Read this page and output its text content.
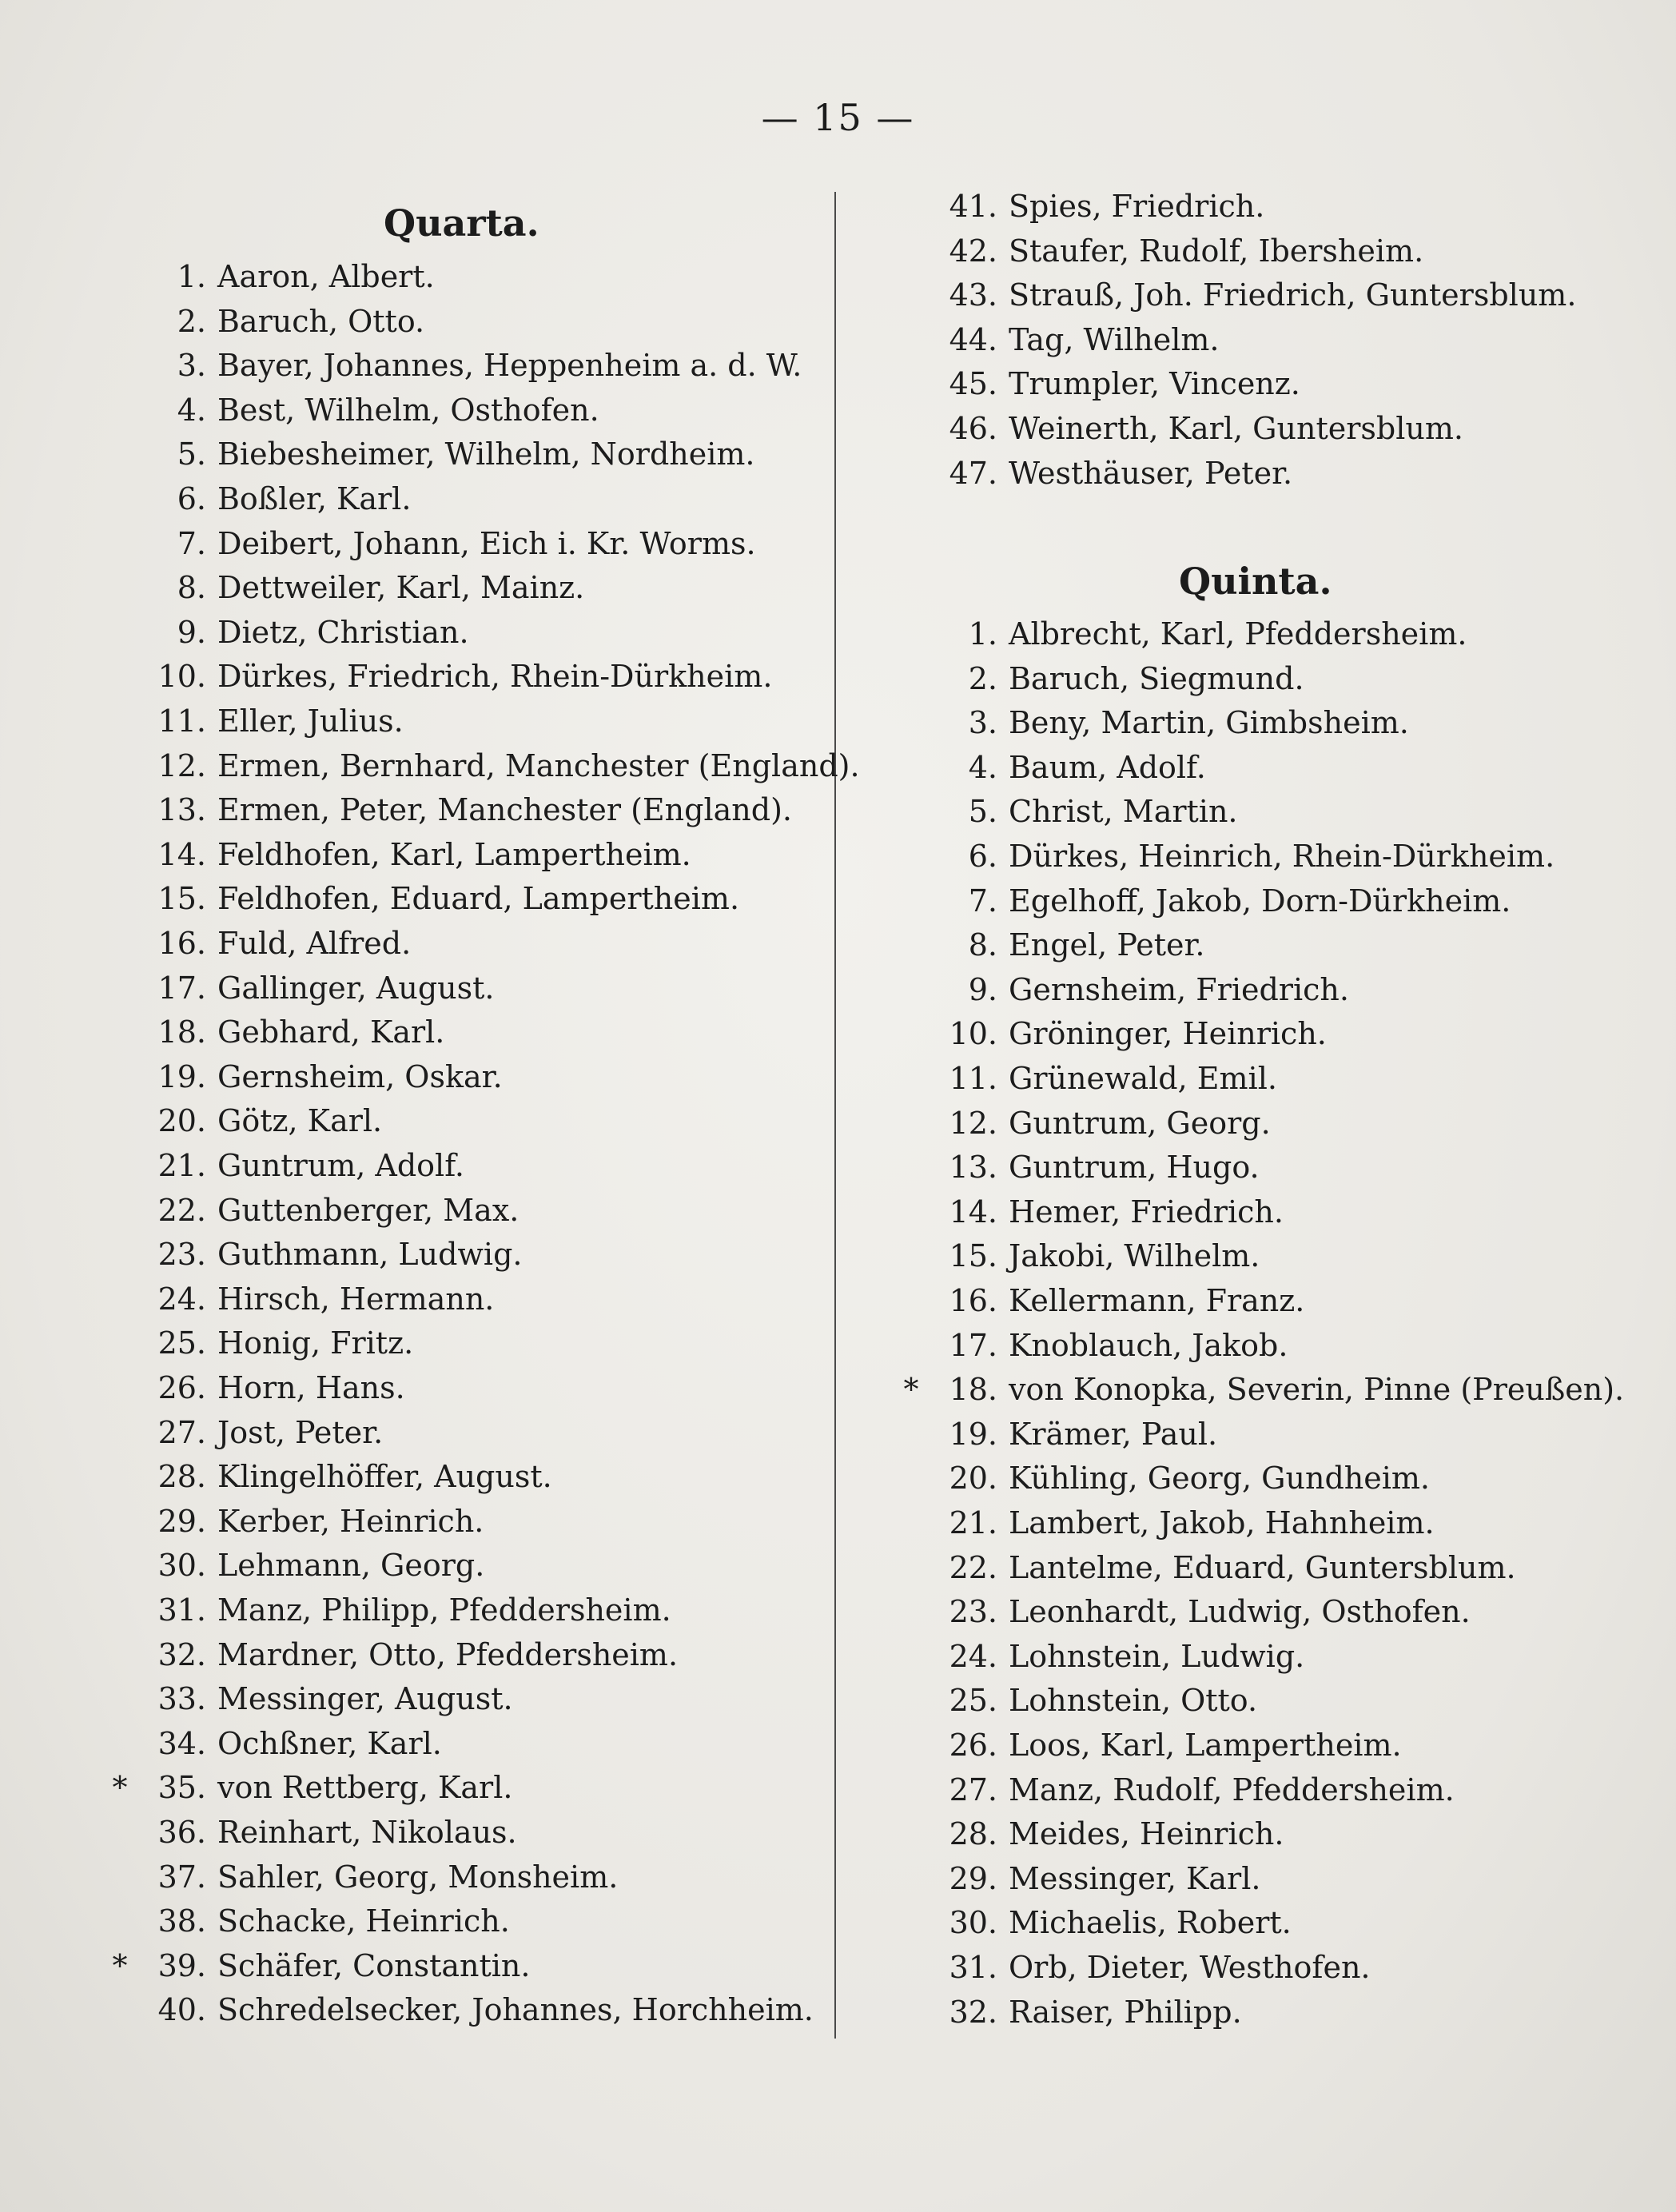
— 15 —
Quarta.
1. Aaron, Albert.
2. Baruch, Otto.
3. Bayer, Johannes, Heppenheim a. d. W.
4. Best, Wilhelm, Osthofen.
5. Biebesheimer, Wilhelm, Nordheim.
6. Boßler, Karl.
7. Deibert, Johann, Eich i. Kr. Worms.
8. Dettweiler, Karl, Mainz.
9. Dietz, Christian.
10. Dürkes, Friedrich, Rhein-Dürkheim.
11. Eller, Julius.
12. Ermen, Bernhard, Manchester (England).
13. Ermen, Peter, Manchester (England).
14. Feldhofen, Karl, Lampertheim.
15. Feldhofen, Eduard, Lampertheim.
16. Fuld, Alfred.
17. Gallinger, August.
18. Gebhard, Karl.
19. Gernsheim, Oskar.
20. Götz, Karl.
21. Guntrum, Adolf.
22. Guttenberger, Max.
23. Guthmann, Ludwig.
24. Hirsch, Hermann.
25. Honig, Fritz.
26. Horn, Hans.
27. Jost, Peter.
28. Klingelhöffer, August.
29. Kerber, Heinrich.
30. Lehmann, Georg.
31. Manz, Philipp, Pfeddersheim.
32. Mardner, Otto, Pfeddersheim.
33. Messinger, August.
34. Ochßner, Karl.
* 35. von Rettberg, Karl.
36. Reinhart, Nikolaus.
37. Sahler, Georg, Monsheim.
38. Schacke, Heinrich.
* 39. Schäfer, Constantin.
40. Schredelsecker, Johannes, Horchheim.
41. Spies, Friedrich.
42. Staufer, Rudolf, Ibersheim.
43. Strauß, Joh. Friedrich, Guntersblum.
44. Tag, Wilhelm.
45. Trumpler, Vincenz.
46. Weinerth, Karl, Guntersblum.
47. Westhäuser, Peter.
Quinta.
1. Albrecht, Karl, Pfeddersheim.
2. Baruch, Siegmund.
3. Beny, Martin, Gimbsheim.
4. Baum, Adolf.
5. Christ, Martin.
6. Dürkes, Heinrich, Rhein-Dürkheim.
7. Egelhoff, Jakob, Dorn-Dürkheim.
8. Engel, Peter.
9. Gernsheim, Friedrich.
10. Gröninger, Heinrich.
11. Grünewald, Emil.
12. Guntrum, Georg.
13. Guntrum, Hugo.
14. Hemer, Friedrich.
15. Jakobi, Wilhelm.
16. Kellermann, Franz.
17. Knoblauch, Jakob.
* 18. von Konopka, Severin, Pinne (Preußen).
19. Krämer, Paul.
20. Kühling, Georg, Gundheim.
21. Lambert, Jakob, Hahnheim.
22. Lantelme, Eduard, Guntersblum.
23. Leonhardt, Ludwig, Osthofen.
24. Lohnstein, Ludwig.
25. Lohnstein, Otto.
26. Loos, Karl, Lampertheim.
27. Manz, Rudolf, Pfeddersheim.
28. Meides, Heinrich.
29. Messinger, Karl.
30. Michaelis, Robert.
31. Orb, Dieter, Westhofen.
32. Raiser, Philipp.
